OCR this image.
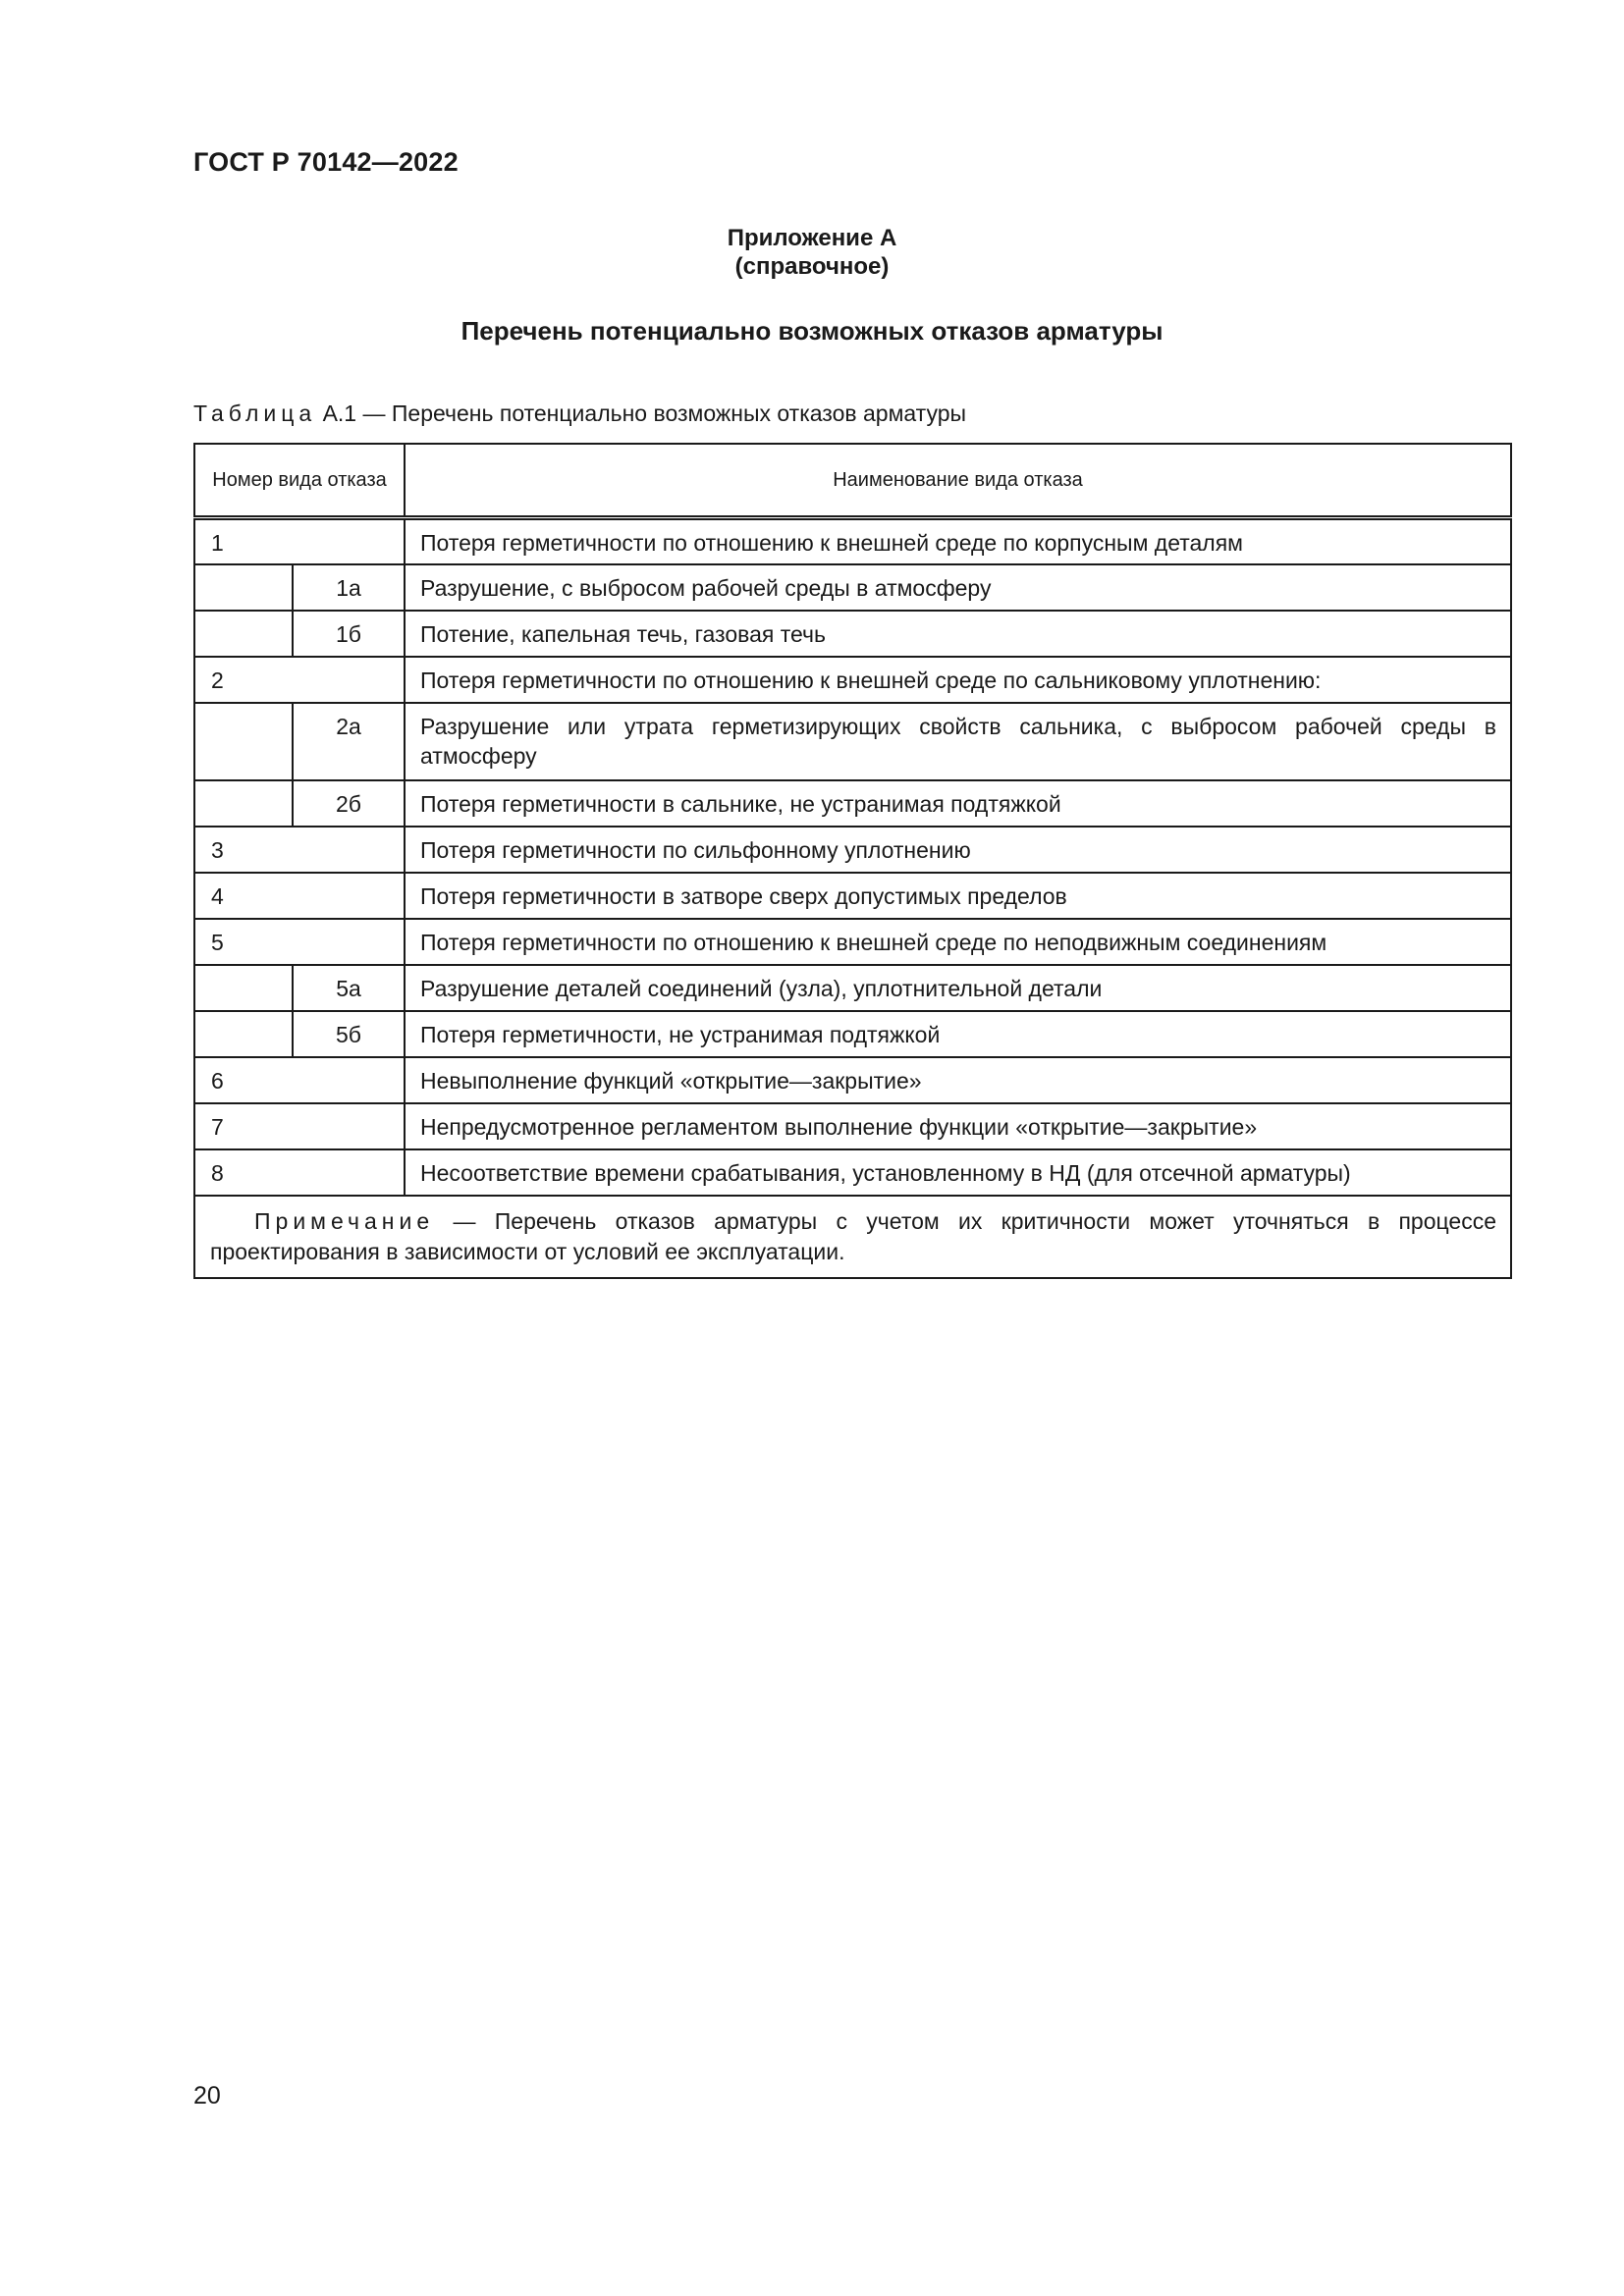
ГОСТ Р 70142—2022
Приложение А
(справочное)
Перечень потенциально возможных отказов арматуры
Таблица А.1 — Перечень потенциально возможных отказов арматуры
Номер вида отказа		Наименование вида отказа
1		Потеря герметичности по отношению к внешней среде по корпусным деталям
	1а	Разрушение, с выбросом рабочей среды в атмосферу
	1б	Потение, капельная течь, газовая течь
2		Потеря герметичности по отношению к внешней среде по сальниковому уплотнению:
	2а	Разрушение или утрата герметизирующих свойств сальника, с выбросом рабочей среды в атмосферу
	2б	Потеря герметичности в сальнике, не устранимая подтяжкой
3		Потеря герметичности по сильфонному уплотнению
4		Потеря герметичности в затворе сверх допустимых пределов
5		Потеря герметичности по отношению к внешней среде по неподвижным соединениям
	5а	Разрушение деталей соединений (узла), уплотнительной детали
	5б	Потеря герметичности, не устранимая подтяжкой
6		Невыполнение функций «открытие—закрытие»
7		Непредусмотренное регламентом выполнение функции «открытие—закрытие»
8		Несоответствие времени срабатывания, установленному в НД (для отсечной арматуры)
Примечание — Перечень отказов арматуры с учетом их критичности может уточняться в процессе проектирования в зависимости от условий ее эксплуатации.		
20
